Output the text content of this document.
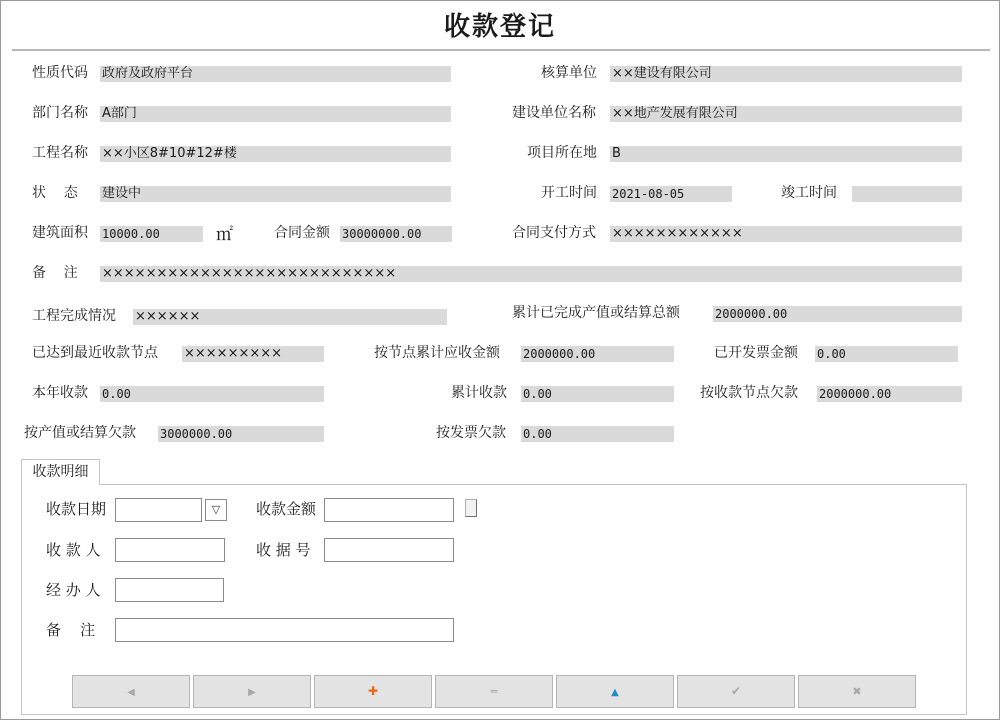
收款登记
性质代码 政府及政府平台	核算单位 ××建设有限公司
部门名称 A部门	建设单位名称 ××地产发展有限公司
工程名称 ××小区8#10#12#楼	项目所在地 B
状    态 建设中	开工时间 2021-08-05	竣工时间
建筑面积 10000.00	㎡	合同金额 30000000.00	合同支付方式 ××××××××××××
备    注 ×××××××××××××××××××××××××××
工程完成情况 ××××××	累计已完成产值或结算总额	2000000.00
已达到最近收款节点 ×××××××××	按节点累计应收金额 2000000.00	已开发票金额 0.00
本年收款 0.00	累计收款 0.00	按收款节点欠款 2000000.00
按产值或结算欠款 3000000.00	按发票欠款 0.00
收款明细
收款日期	▽	收款金额
收 款 人	收 据 号
经 办 人
备    注
◀	▶	✚	═	▲	✔	✖
